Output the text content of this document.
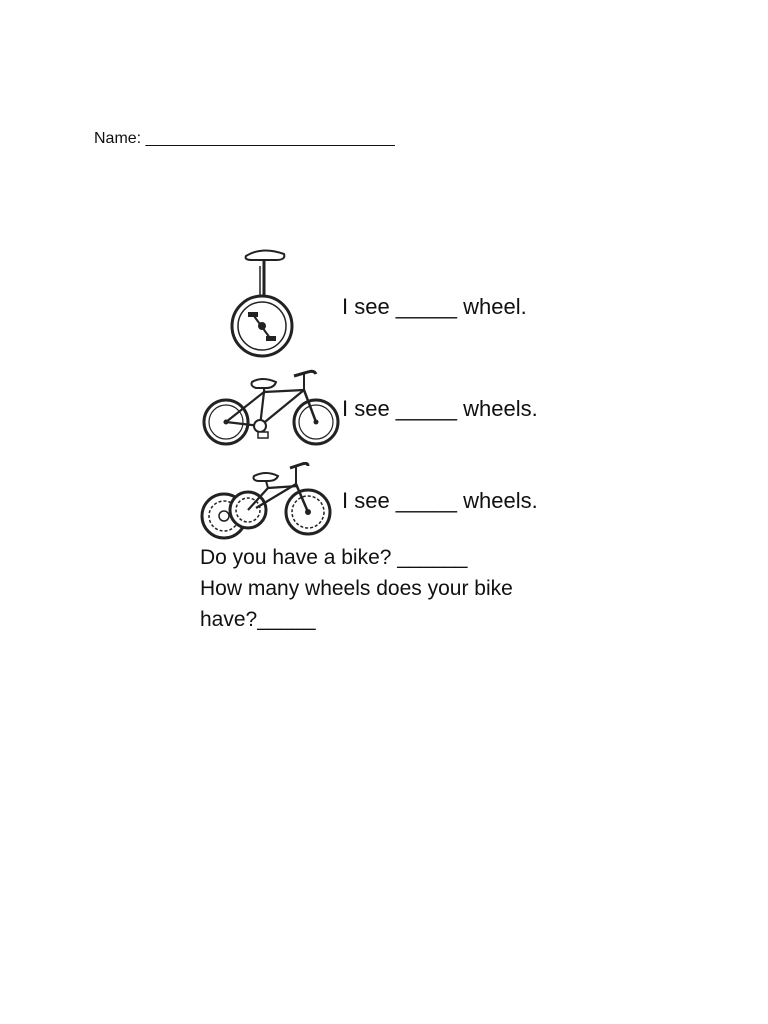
Name: ____________________________
I see _____ wheel.
I see _____ wheels.
I see _____ wheels.
Do you have a bike? ______
How many wheels does your bike
have?_____
